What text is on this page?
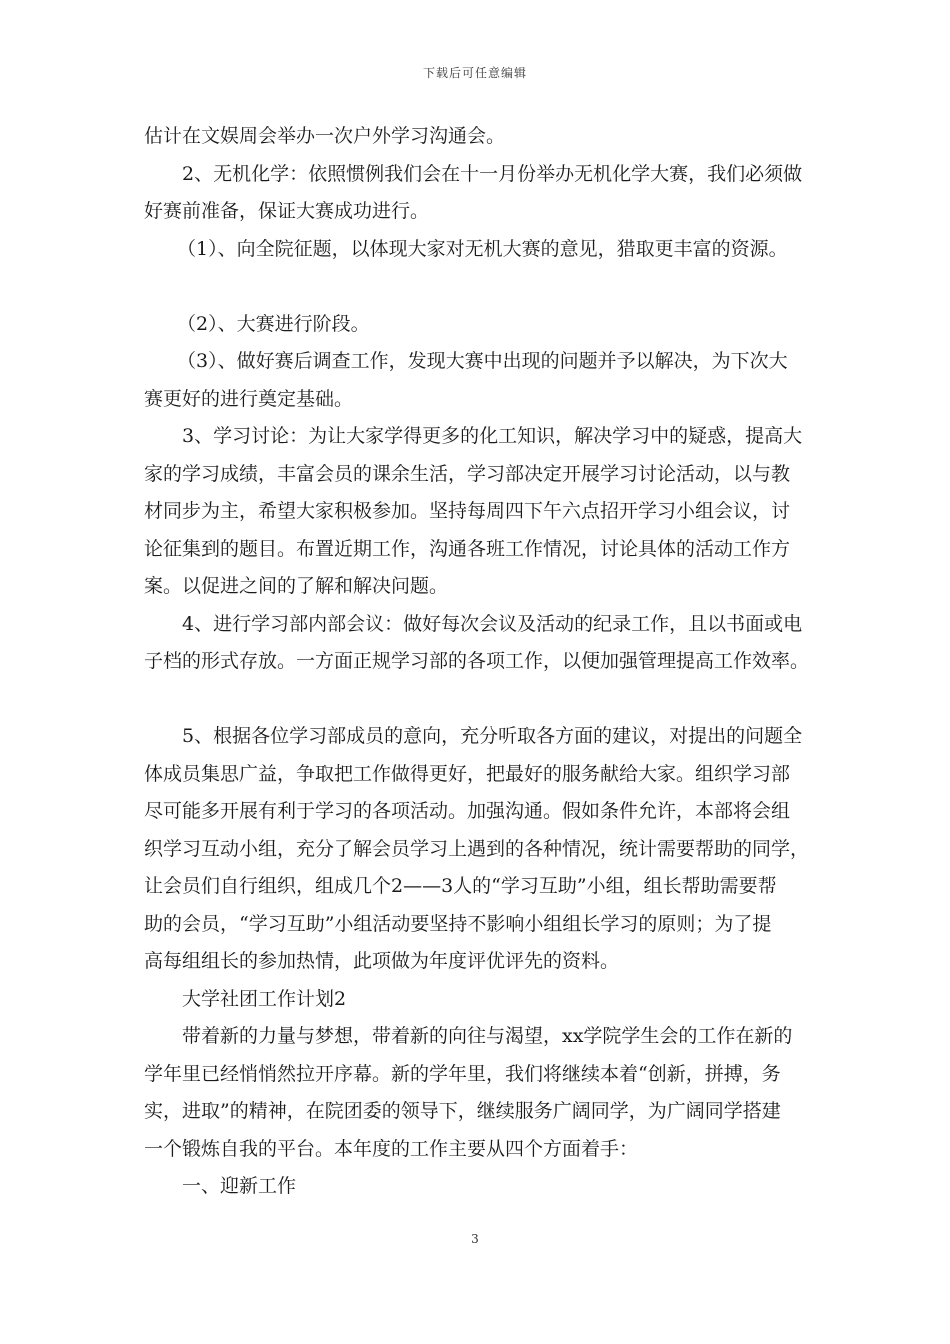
下载后可任意编辑
估计在文娱周会举办一次户外学习沟通会。
2、无机化学：依照惯例我们会在十一月份举办无机化学大赛，我们必须做
好赛前准备，保证大赛成功进行。
（1）、向全院征题，以体现大家对无机大赛的意见，猎取更丰富的资源。
（2）、大赛进行阶段。
（3）、做好赛后调查工作，发现大赛中出现的问题并予以解决，为下次大
赛更好的进行奠定基础。
3、学习讨论：为让大家学得更多的化工知识，解决学习中的疑惑，提高大
家的学习成绩，丰富会员的课余生活，学习部决定开展学习讨论活动，以与教
材同步为主，希望大家积极参加。坚持每周四下午六点招开学习小组会议，讨
论征集到的题目。布置近期工作，沟通各班工作情况，讨论具体的活动工作方
案。以促进之间的了解和解决问题。
4、进行学习部内部会议：做好每次会议及活动的纪录工作，且以书面或电
子档的形式存放。一方面正规学习部的各项工作，以便加强管理提高工作效率。
5、根据各位学习部成员的意向，充分听取各方面的建议，对提出的问题全
体成员集思广益，争取把工作做得更好，把最好的服务献给大家。组织学习部
尽可能多开展有利于学习的各项活动。加强沟通。假如条件允许，本部将会组
织学习互动小组，充分了解会员学习上遇到的各种情况，统计需要帮助的同学，
让会员们自行组织，组成几个2——3人的“学习互助”小组，组长帮助需要帮
助的会员，“学习互助”小组活动要坚持不影响小组组长学习的原则；为了提
高每组组长的参加热情，此项做为年度评优评先的资料。
大学社团工作计划2
带着新的力量与梦想，带着新的向往与渴望，xx学院学生会的工作在新的
学年里已经悄悄然拉开序幕。新的学年里，我们将继续本着“创新，拼搏，务
实，进取”的精神，在院团委的领导下，继续服务广阔同学，为广阔同学搭建
一个锻炼自我的平台。本年度的工作主要从四个方面着手：
一、迎新工作
3
